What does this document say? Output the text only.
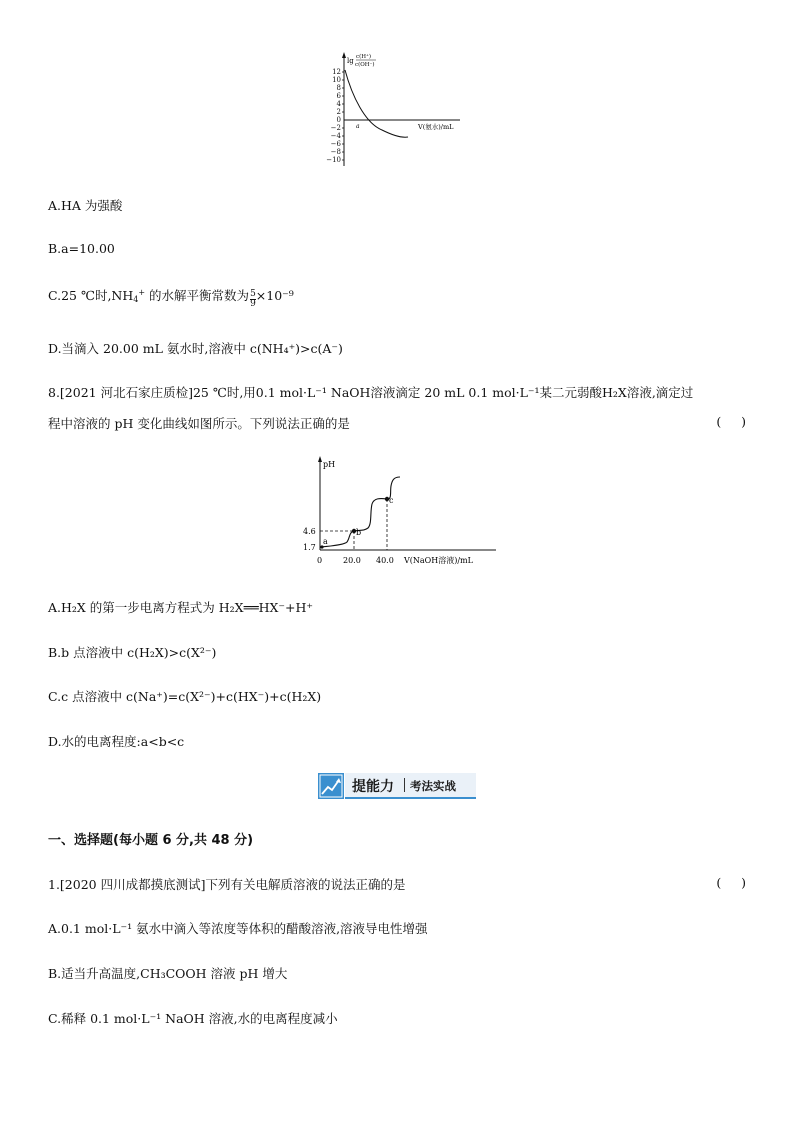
12
10
8
6
4
2
0
−2
−4
−6
−8
−10
lg c(H⁺)
c(OH⁻)
a	V(氨水)/mL
A.HA 为强酸
B.a=10.00
C.25 ℃时$,NH_4^+$ 的水解平衡常数为 $\frac{5}{9} \times 10^{-9}$
D.当滴入 20.00 mL 氨水时,溶液中 c(NH₄⁺)>c(A⁻)
8.[2021 河北石家庄质检]25 ℃时,用0.1 mol·L⁻¹ NaOH溶液滴定 20 mL 0.1 mol·L⁻¹某二元弱酸H₂X溶液,滴定过
程中溶液的 pH 变化曲线如图所示。下列说法正确的是	(     )
pH
V(NaOH溶液)/mL
0	20.0 40.0
4.6
1.7
a
b
c
A.H₂X 的第一步电离方程式为 H₂X══HX⁻+H⁺
B.b 点溶液中 c(H₂X)>c(X²⁻)
C.c 点溶液中 c(Na⁺)=c(X²⁻)+c(HX⁻)+c(H₂X)
D.水的电离程度:a<b<c
提能力 考法实战
一、选择题(每小题 6 分,共 48 分)
1.[2020 四川成都摸底测试]下列有关电解质溶液的说法正确的是	(     )
A.0.1 mol·L⁻¹ 氨水中滴入等浓度等体积的醋酸溶液,溶液导电性增强
B.适当升高温度,CH₃COOH 溶液 pH 增大
C.稀释 0.1 mol·L⁻¹ NaOH 溶液,水的电离程度减小
